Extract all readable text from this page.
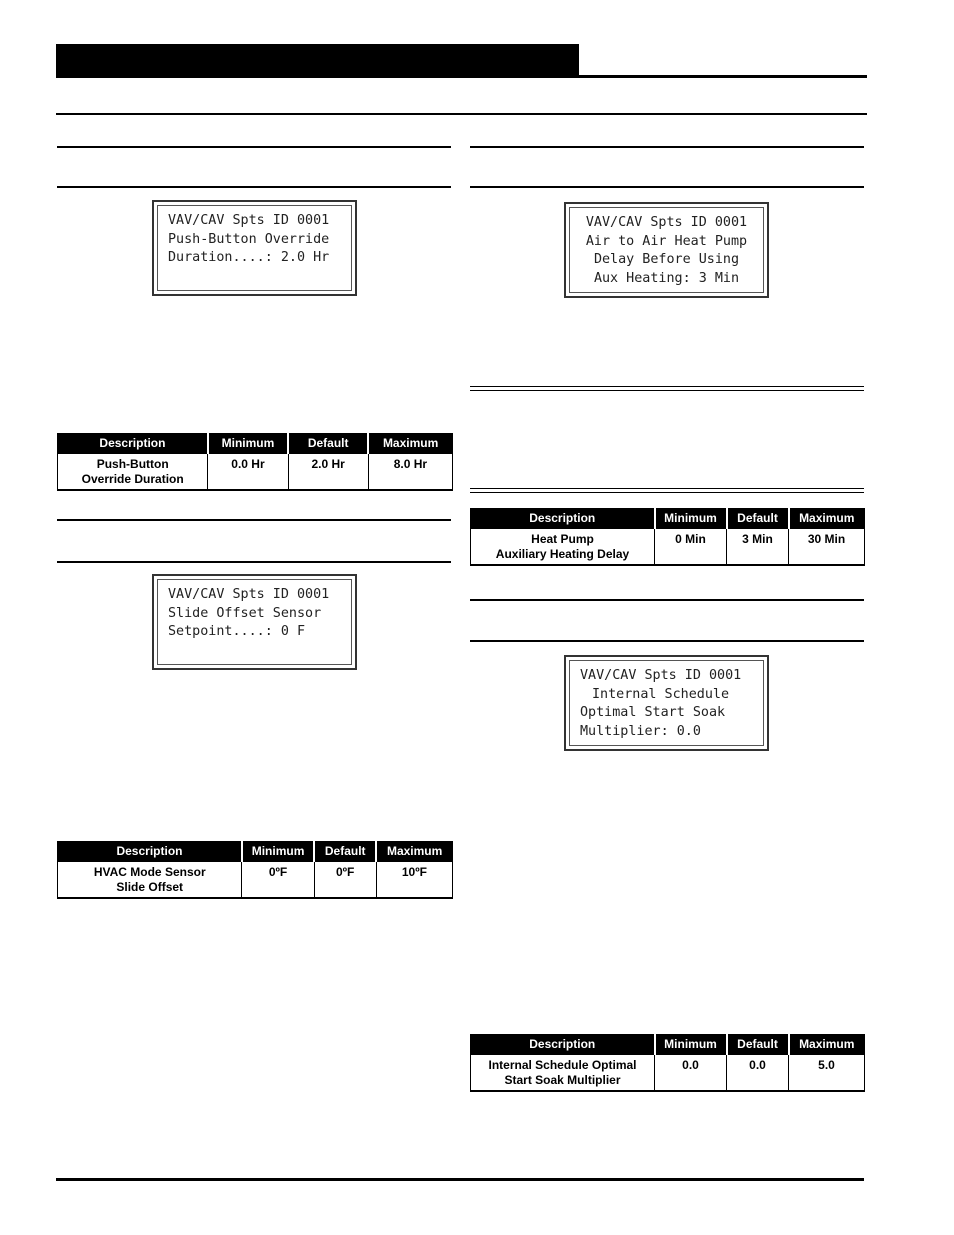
VAV/CAV Spts ID 0001
Push-Button Override
Duration....: 2.0 Hr
Description	Minimum	Default	Maximum
Push-Button
Override Duration	0.0 Hr	2.0 Hr	8.0 Hr
VAV/CAV Spts ID 0001
Slide Offset Sensor
Setpoint....: 0 F
Description	Minimum	Default	Maximum
HVAC Mode Sensor
Slide Offset	0ºF	0ºF	10ºF
VAV/CAV Spts ID 0001
Air to Air Heat Pump
Delay Before Using
Aux Heating: 3 Min
Description	Minimum	Default	Maximum
Heat Pump
Auxiliary Heating Delay	0 Min	3 Min	30 Min
VAV/CAV Spts ID 0001
Internal Schedule
Optimal Start Soak
Multiplier: 0.0
Description	Minimum	Default	Maximum
Internal Schedule Optimal
Start Soak Multiplier	0.0	0.0	5.0
